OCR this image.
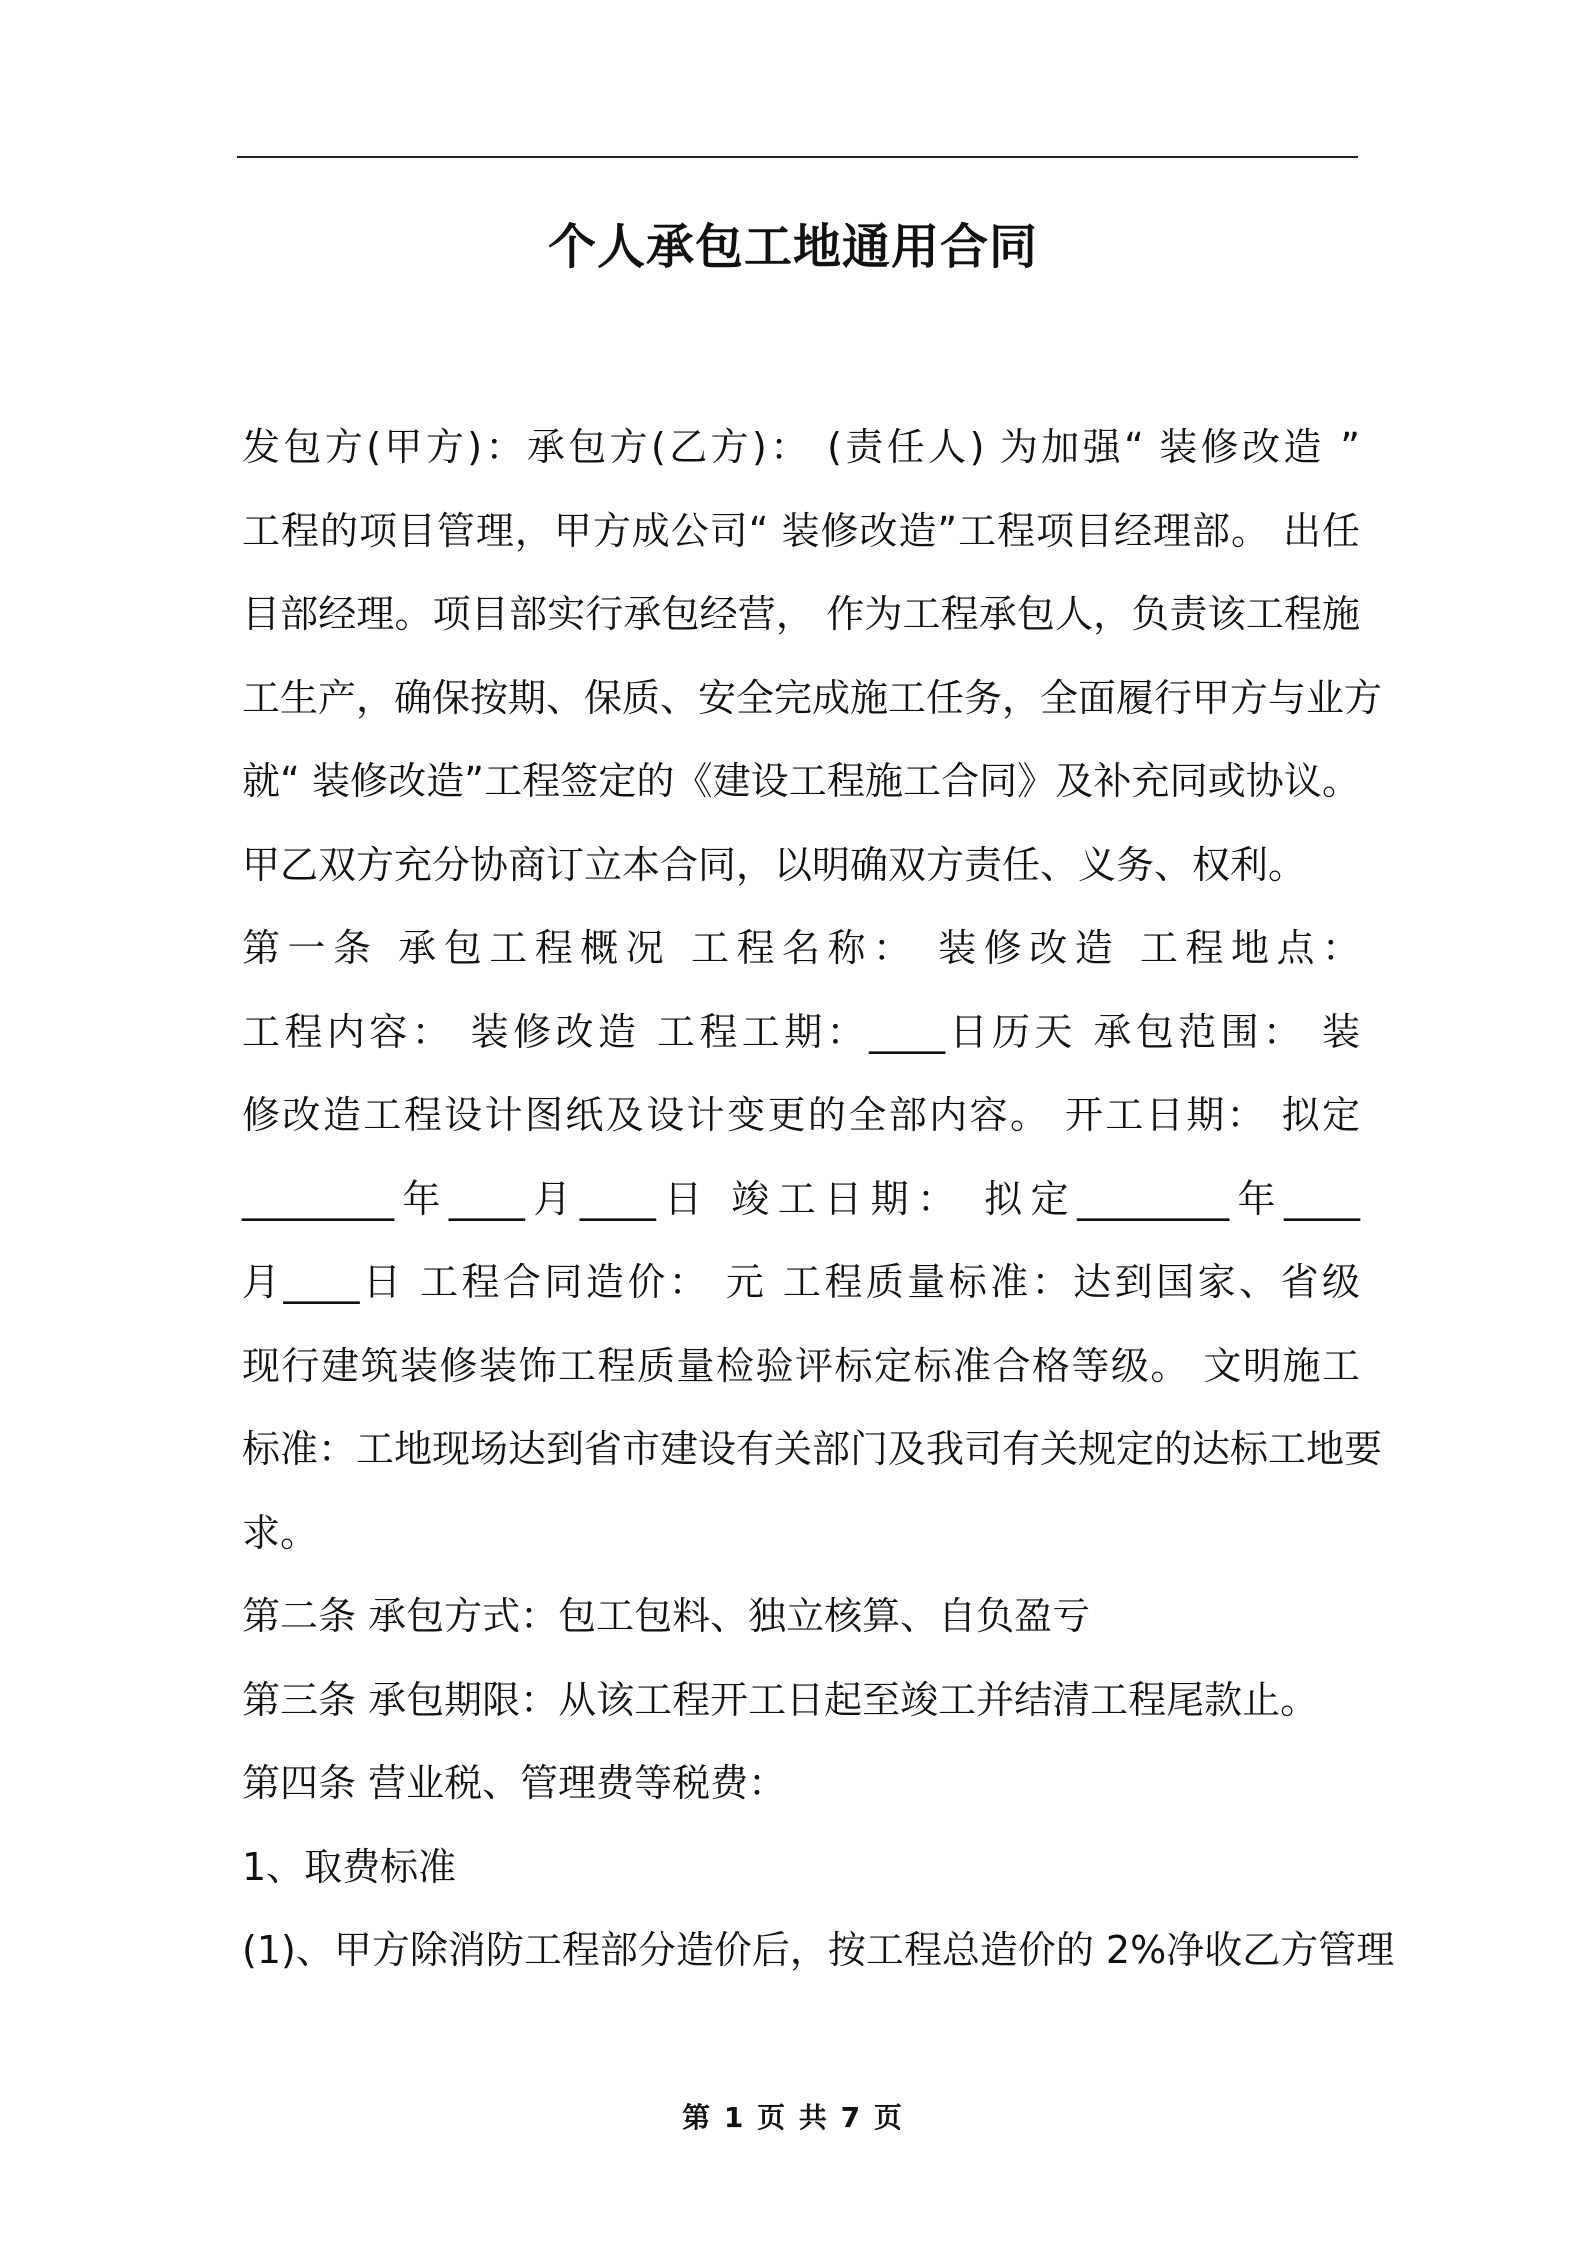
个人承包工地通用合同
发包方(甲方)：承包方(乙方)： (责任人) 为加强“ 装修改造 ”
工程的项目管理，甲方成公司“ 装修改造”工程项目经理部。 出任
目部经理。项目部实行承包经营， 作为工程承包人，负责该工程施
工生产，确保按期、保质、安全完成施工任务，全面履行甲方与业方
就“ 装修改造”工程签定的《建设工程施工合同》及补充同或协议。
甲乙双方充分协商订立本合同，以明确双方责任、义务、权利。
第一条 承包工程概况 工程名称： 装修改造 工程地点：
工程内容： 装修改造 工程工期：____日历天 承包范围： 装
修改造工程设计图纸及设计变更的全部内容。 开工日期： 拟定
________年____月____日 竣工日期： 拟定________年____
月____日 工程合同造价： 元 工程质量标准：达到国家、省级
现行建筑装修装饰工程质量检验评标定标准合格等级。 文明施工
标准：工地现场达到省市建设有关部门及我司有关规定的达标工地要
求。
第二条 承包方式：包工包料、独立核算、自负盈亏
第三条 承包期限：从该工程开工日起至竣工并结清工程尾款止。
第四条 营业税、管理费等税费：
1、取费标准
(1)、甲方除消防工程部分造价后，按工程总造价的 2%净收乙方管理
第 1 页 共 7 页
